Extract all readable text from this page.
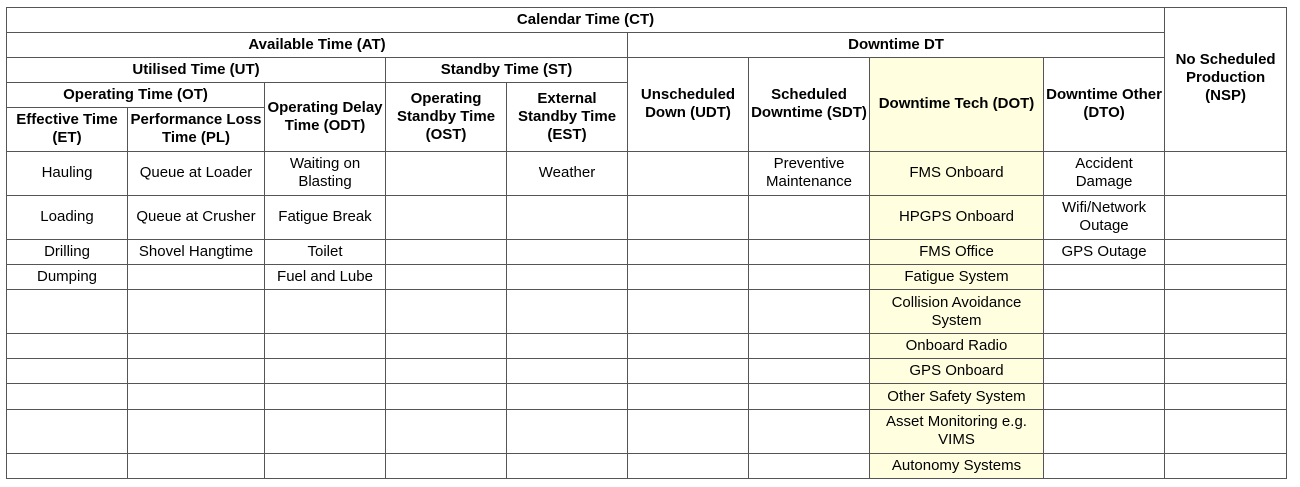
Calendar Time (CT)									No Scheduled Production (NSP)
Available Time (AT)					Downtime DT				
Utilised Time (UT)			Standby Time (ST)		Unscheduled Down (UDT)	Scheduled Downtime (SDT)	Downtime Tech (DOT)	Downtime Other (DTO)	
Operating Time (OT)		Operating Delay Time (ODT)	Operating Standby Time (OST)	External Standby Time (EST)					
Effective Time (ET)	Performance Loss Time (PL)								
Hauling	Queue at Loader	Waiting on Blasting		Weather		Preventive Maintenance	FMS Onboard	Accident Damage	
Loading	Queue at Crusher	Fatigue Break					HPGPS Onboard	Wifi/Network Outage	
Drilling	Shovel Hangtime	Toilet					FMS Office	GPS Outage	
Dumping		Fuel and Lube					Fatigue System		
							Collision Avoidance System		
							Onboard Radio		
							GPS Onboard		
							Other Safety System		
							Asset Monitoring e.g. VIMS		
							Autonomy Systems		
